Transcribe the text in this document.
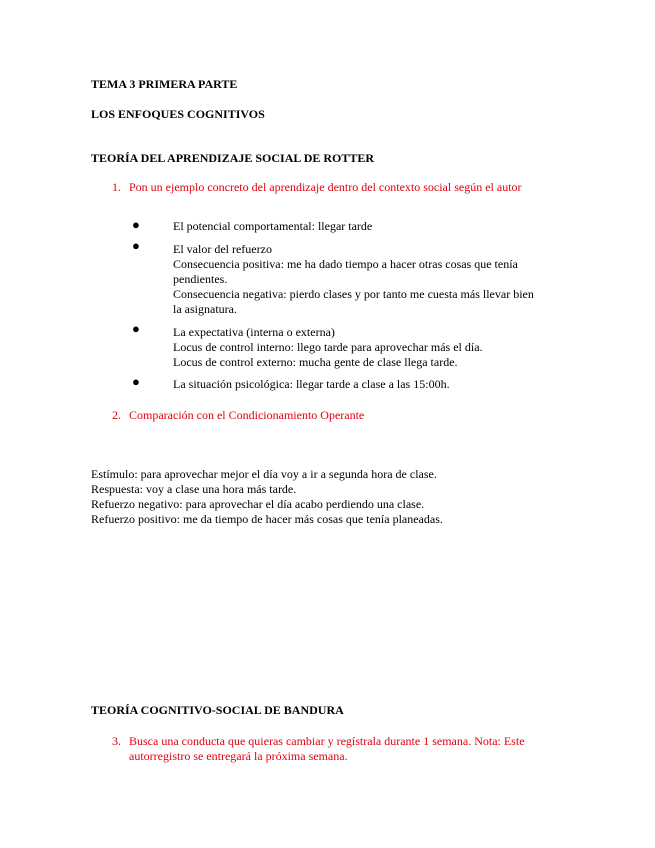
TEMA 3 PRIMERA PARTE
LOS ENFOQUES COGNITIVOS
TEORÍA DEL APRENDIZAJE SOCIAL DE ROTTER
1. Pon un ejemplo concreto del aprendizaje dentro del contexto social según el autor
●	El potencial comportamental: llegar tarde
●	El valor del refuerzo
Consecuencia positiva: me ha dado tiempo a hacer otras cosas que tenía
pendientes.
Consecuencia negativa: pierdo clases y por tanto me cuesta más llevar bien
la asignatura.
●	La expectativa (interna o externa)
Locus de control interno: llego tarde para aprovechar más el día.
Locus de control externo: mucha gente de clase llega tarde.
●	La situación psicológica: llegar tarde a clase a las 15:00h.
2. Comparación con el Condicionamiento Operante
Estímulo: para aprovechar mejor el día voy a ir a segunda hora de clase.
Respuesta: voy a clase una hora más tarde.
Refuerzo negativo: para aprovechar el día acabo perdiendo una clase.
Refuerzo positivo: me da tiempo de hacer más cosas que tenía planeadas.
TEORÍA COGNITIVO-SOCIAL DE BANDURA
3. Busca una conducta que quieras cambiar y regístrala durante 1 semana. Nota: Este
autorregistro se entregará la próxima semana.
